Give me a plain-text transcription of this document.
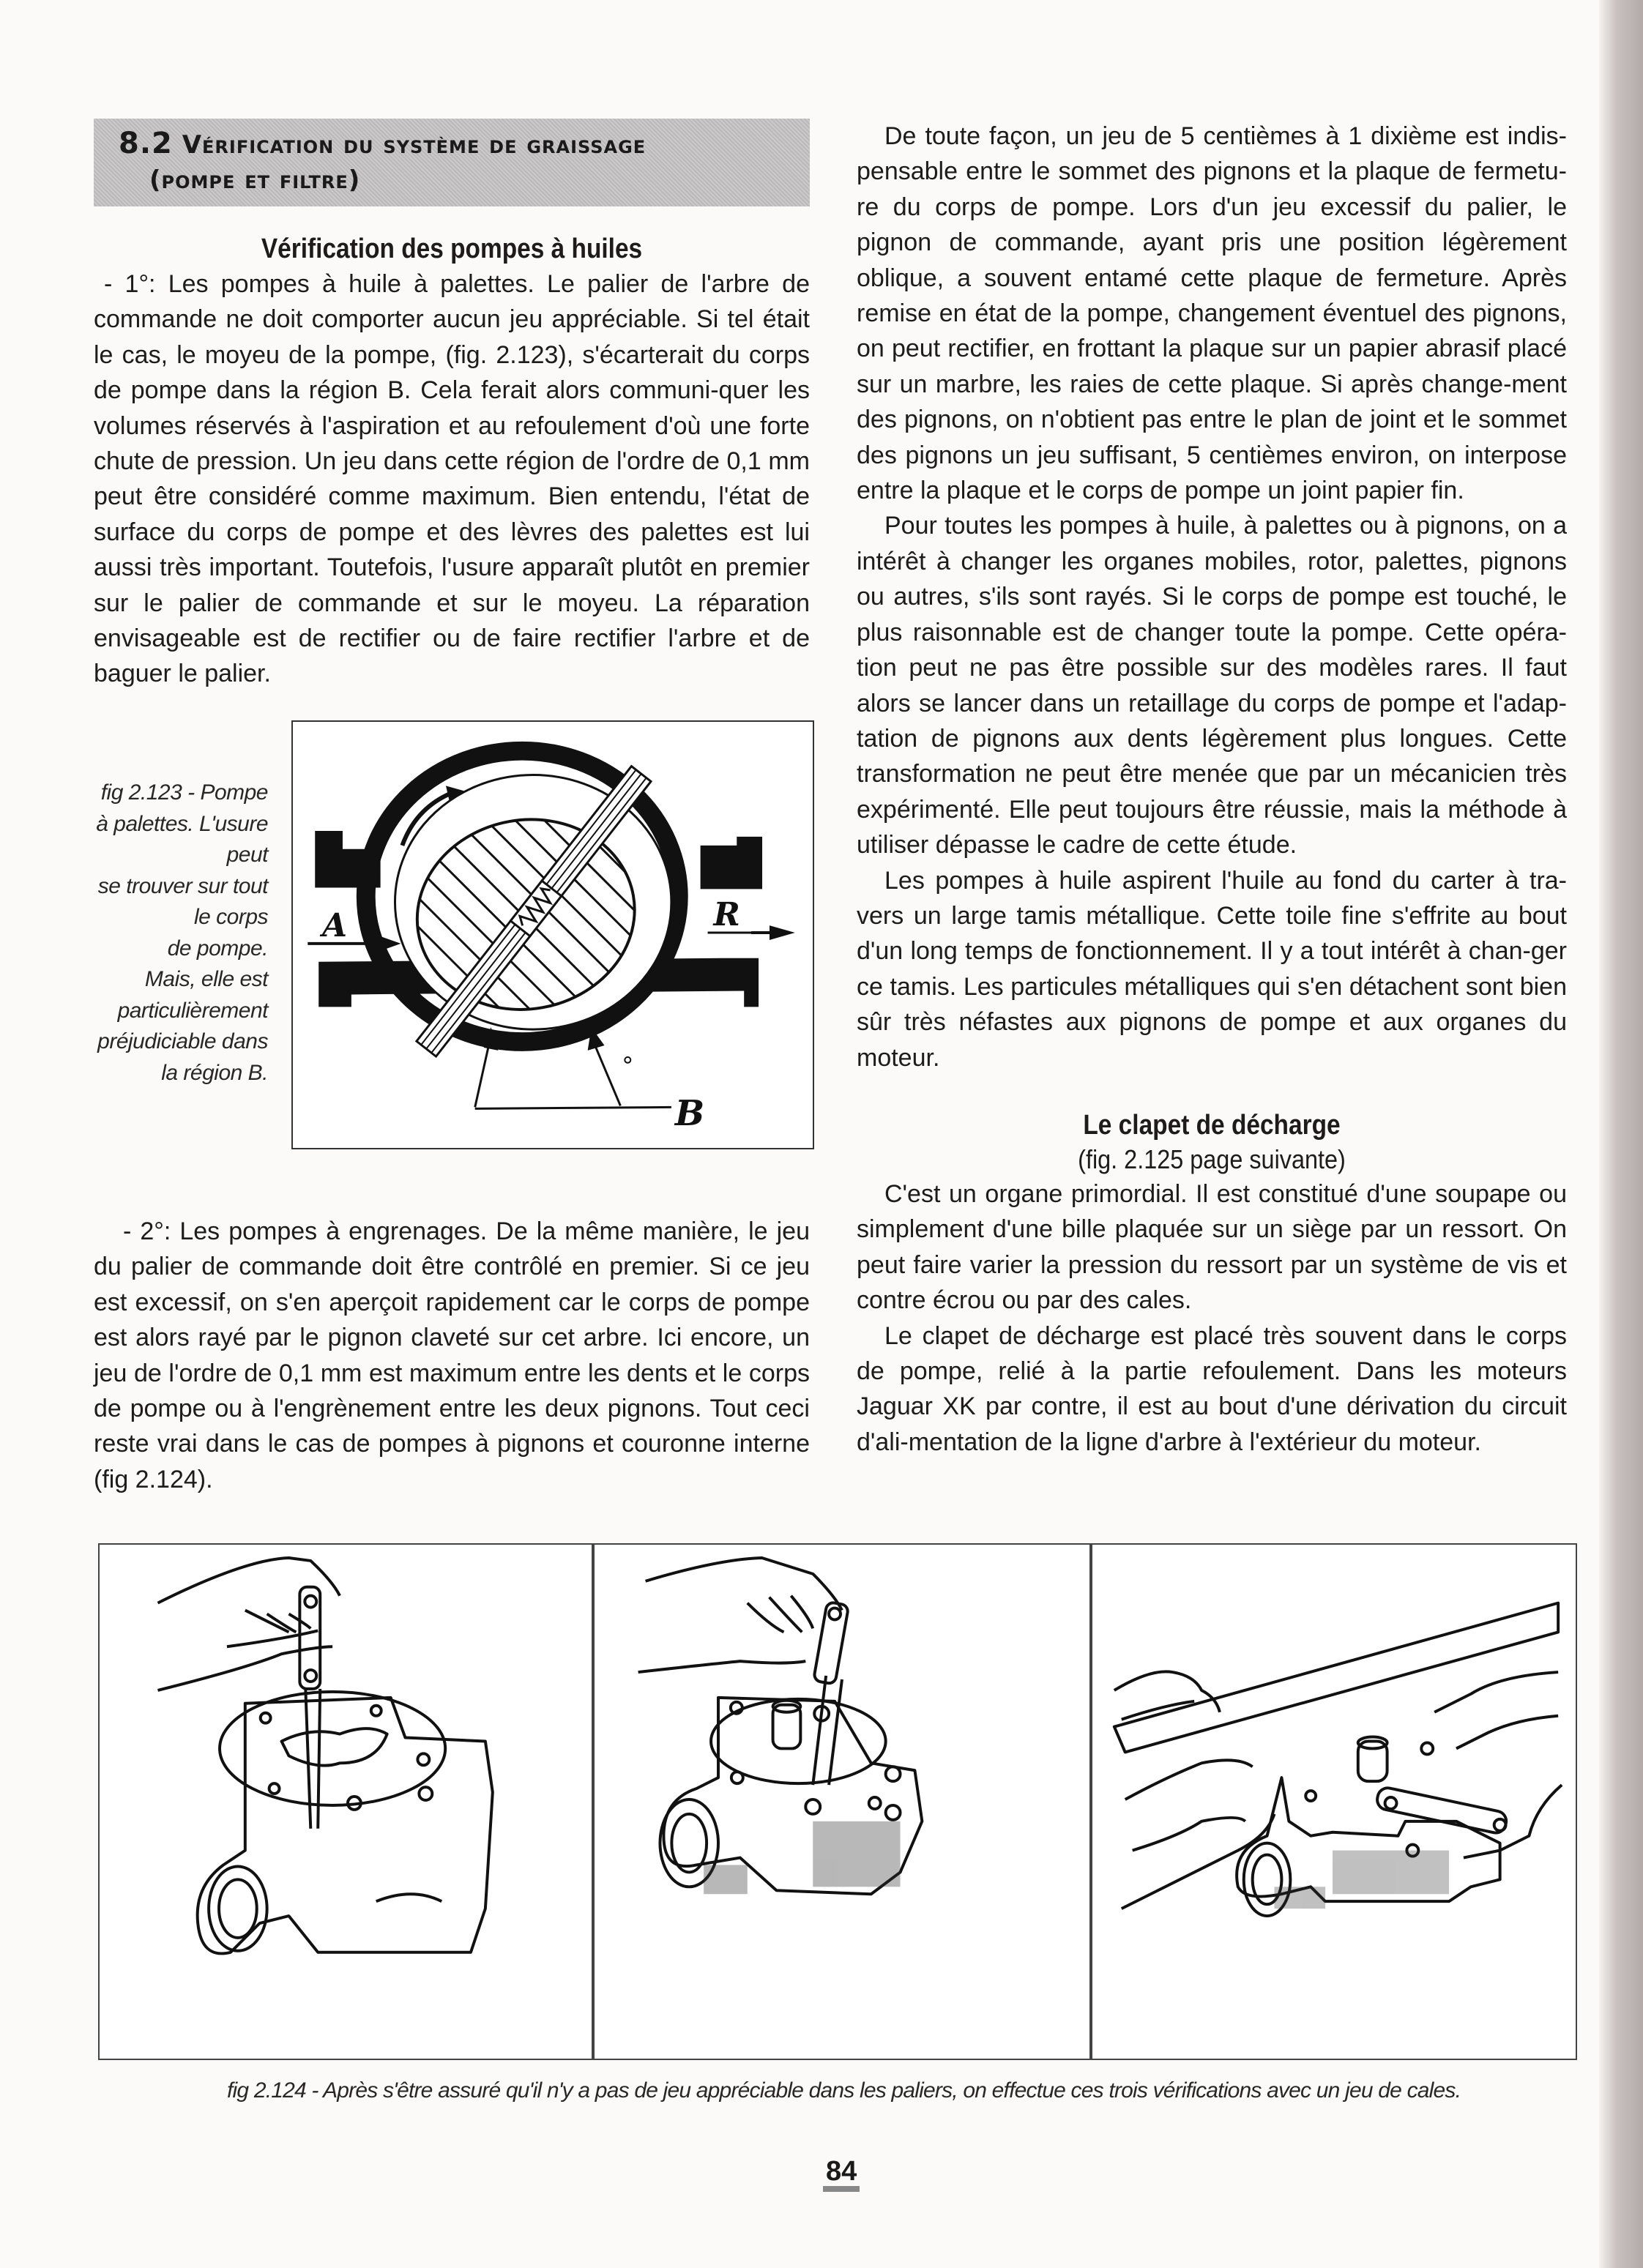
8.2 Vérification du système de graissage
(pompe et filtre)
Vérification des pompes à huiles

- 1°: Les pompes à huile à palettes. Le palier de l'arbre de commande ne doit comporter aucun jeu appréciable. Si tel était le cas, le moyeu de la pompe, (fig. 2.123), s'écarterait du corps de pompe dans la région B. Cela ferait alors communi-quer les volumes réservés à l'aspiration et au refoulement d'où une forte chute de pression. Un jeu dans cette région de l'ordre de 0,1 mm peut être considéré comme maximum. Bien entendu, l'état de surface du corps de pompe et des lèvres des palettes est lui aussi très important. Toutefois, l'usure apparaît plutôt en premier sur le palier de commande et sur le moyeu. La réparation envisageable est de rectifier ou de faire rectifier l'arbre et de baguer le palier.

fig 2.123 - Pompe
à palettes. L'usure
peut
se trouver sur tout
le corps
de pompe.
Mais, elle est
particulièrement
préjudiciable dans
la région B.
A	R
B

- 2°: Les pompes à engrenages. De la même manière, le jeu du palier de commande doit être contrôlé en premier. Si ce jeu est excessif, on s'en aperçoit rapidement car le corps de pompe est alors rayé par le pignon claveté sur cet arbre. Ici encore, un jeu de l'ordre de 0,1 mm est maximum entre les dents et le corps de pompe ou à l'engrènement entre les deux pignons. Tout ceci reste vrai dans le cas de pompes à pignons et couronne interne (fig 2.124).

De toute façon, un jeu de 5 centièmes à 1 dixième est indis-pensable entre le sommet des pignons et la plaque de fermetu-re du corps de pompe. Lors d'un jeu excessif du palier, le pignon de commande, ayant pris une position légèrement oblique, a souvent entamé cette plaque de fermeture. Après remise en état de la pompe, changement éventuel des pignons, on peut rectifier, en frottant la plaque sur un papier abrasif placé sur un marbre, les raies de cette plaque. Si après change-ment des pignons, on n'obtient pas entre le plan de joint et le sommet des pignons un jeu suffisant, 5 centièmes environ, on interpose entre la plaque et le corps de pompe un joint papier fin.

Pour toutes les pompes à huile, à palettes ou à pignons, on a intérêt à changer les organes mobiles, rotor, palettes, pignons ou autres, s'ils sont rayés. Si le corps de pompe est touché, le plus raisonnable est de changer toute la pompe. Cette opéra-tion peut ne pas être possible sur des modèles rares. Il faut alors se lancer dans un retaillage du corps de pompe et l'adap-tation de pignons aux dents légèrement plus longues. Cette transformation ne peut être menée que par un mécanicien très expérimenté. Elle peut toujours être réussie, mais la méthode à utiliser dépasse le cadre de cette étude.

Les pompes à huile aspirent l'huile au fond du carter à tra-vers un large tamis métallique. Cette toile fine s'effrite au bout d'un long temps de fonctionnement. Il y a tout intérêt à chan-ger ce tamis. Les particules métalliques qui s'en détachent sont bien sûr très néfastes aux pignons de pompe et aux organes du moteur.

Le clapet de décharge
(fig. 2.125 page suivante)

C'est un organe primordial. Il est constitué d'une soupape ou simplement d'une bille plaquée sur un siège par un ressort. On peut faire varier la pression du ressort par un système de vis et contre écrou ou par des cales.

Le clapet de décharge est placé très souvent dans le corps de pompe, relié à la partie refoulement. Dans les moteurs Jaguar XK par contre, il est au bout d'une dérivation du circuit d'ali-mentation de la ligne d'arbre à l'extérieur du moteur.

fig 2.124 - Après s'être assuré qu'il n'y a pas de jeu appréciable dans les paliers, on effectue ces trois vérifications avec un jeu de cales.
84
